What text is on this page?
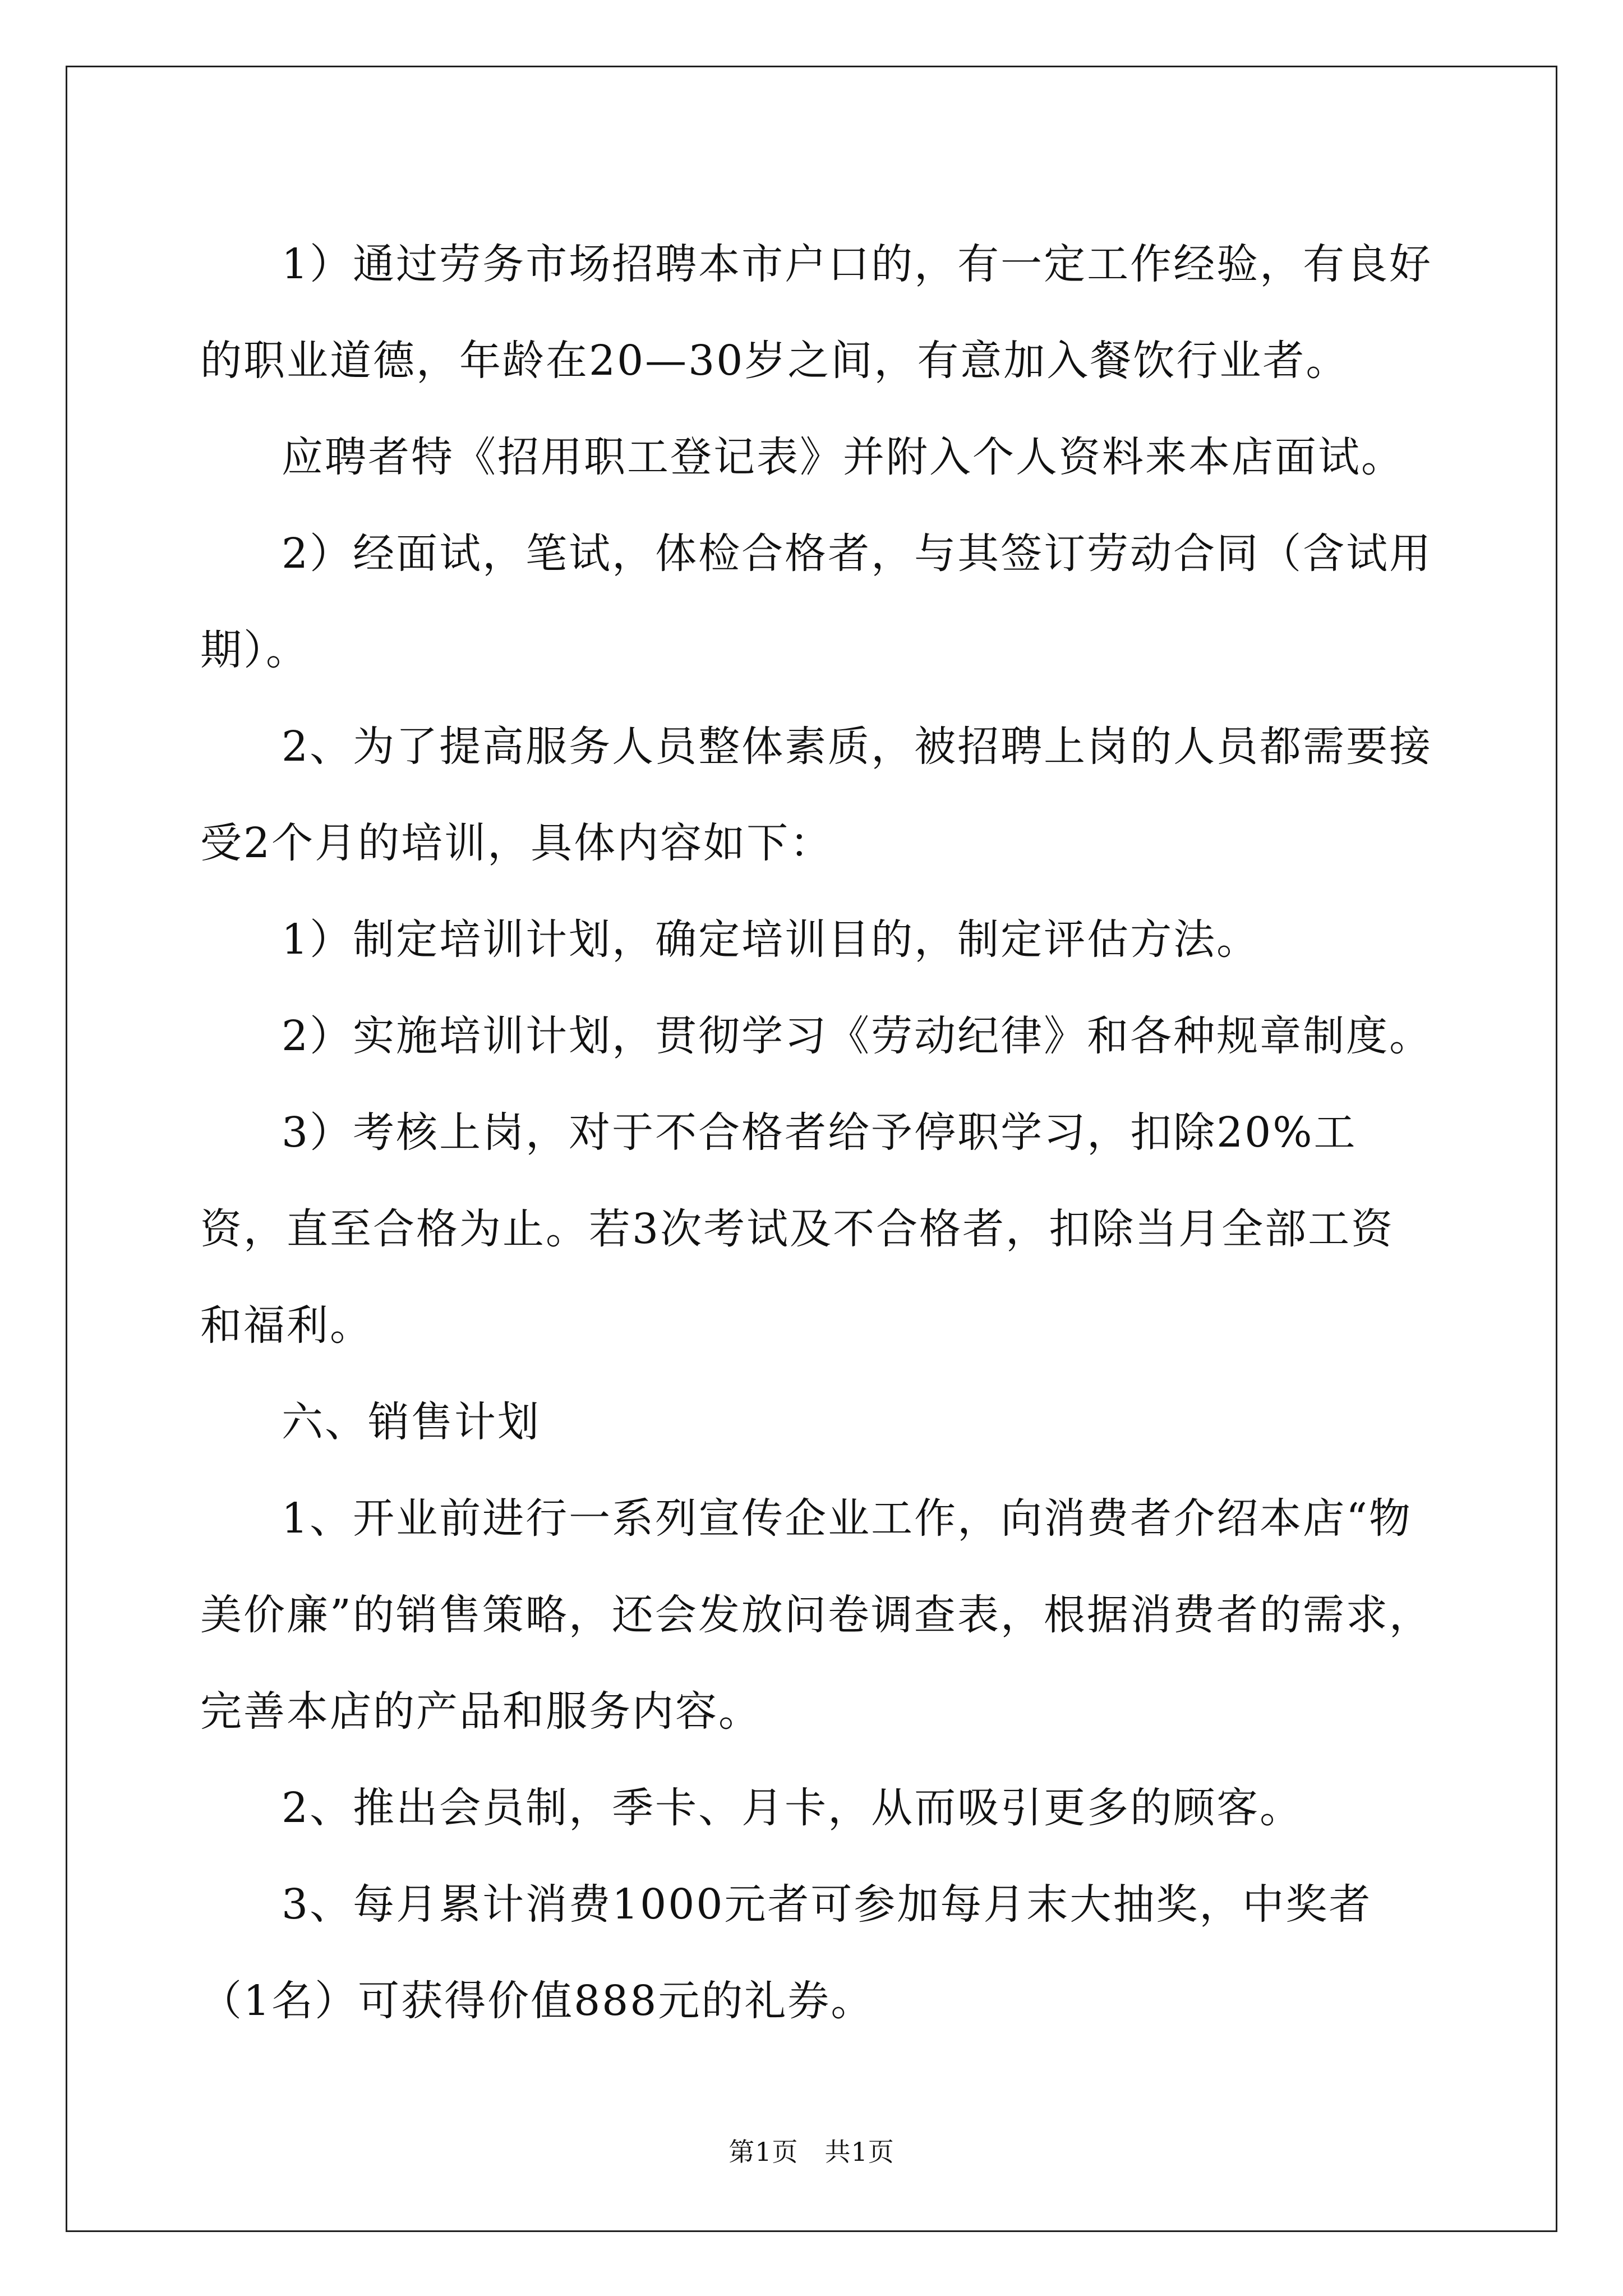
1）通过劳务市场招聘本市户口的，有一定工作经验，有良好的职业道德，年龄在20—30岁之间，有意加入餐饮行业者。

应聘者特《招用职工登记表》并附入个人资料来本店面试。

2）经面试，笔试，体检合格者，与其签订劳动合同（含试用期）。

2、为了提高服务人员整体素质，被招聘上岗的人员都需要接受2个月的培训，具体内容如下：

1）制定培训计划，确定培训目的，制定评估方法。

2）实施培训计划，贯彻学习《劳动纪律》和各种规章制度。

3）考核上岗，对于不合格者给予停职学习，扣除20%工资，直至合格为止。若3次考试及不合格者，扣除当月全部工资和福利。

六、销售计划

1、开业前进行一系列宣传企业工作，向消费者介绍本店“物美价廉”的销售策略，还会发放问卷调查表，根据消费者的需求，完善本店的产品和服务内容。

2、推出会员制，季卡、月卡，从而吸引更多的顾客。

3、每月累计消费1000元者可参加每月末大抽奖，中奖者（1名）可获得价值888元的礼券。

第1页 共1页
